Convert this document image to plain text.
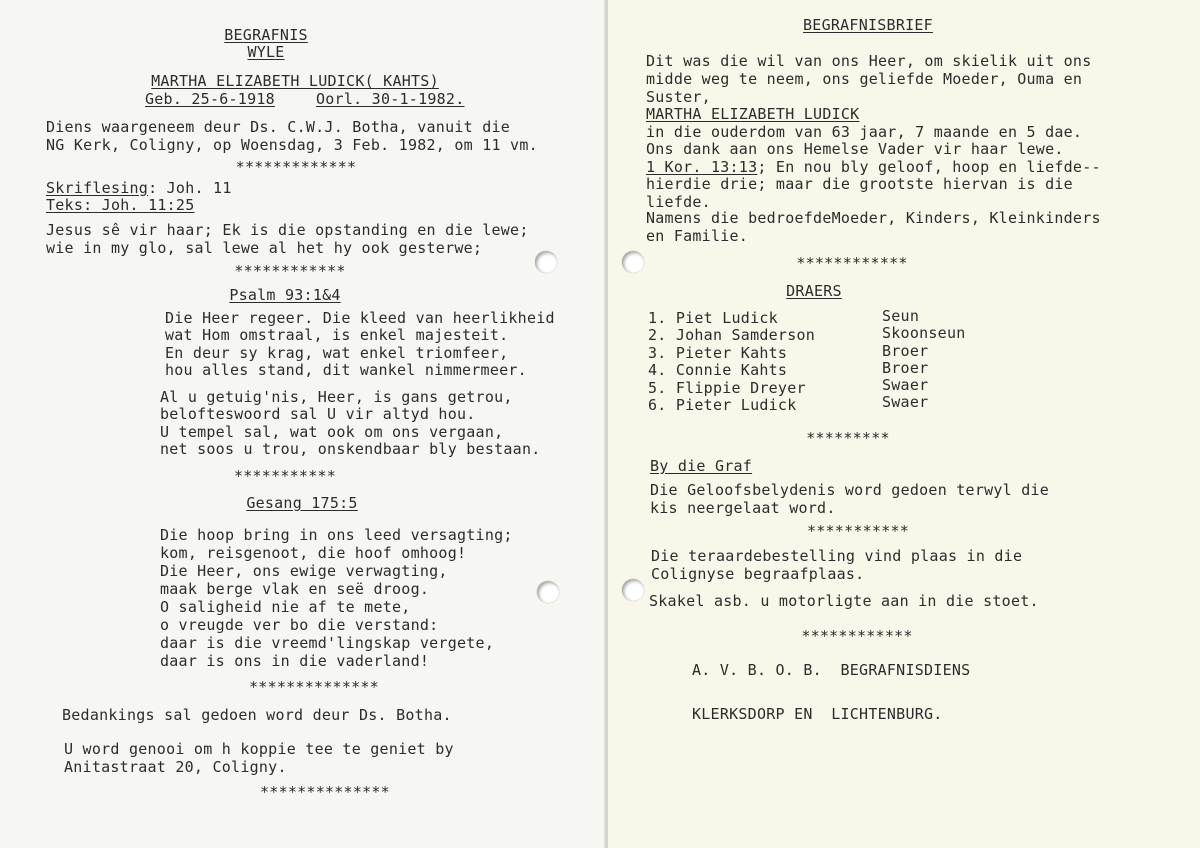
BEGRAFNIS
WYLE
MARTHA ELIZABETH LUDICK( KAHTS)
Geb. 25-6-1918	Oorl. 30-1-1982.
Diens waargeneem deur Ds. C.W.J. Botha, vanuit die
NG Kerk, Coligny, op Woensdag, 3 Feb. 1982, om 11 vm.
*************
Skriflesing: Joh. 11
Teks: Joh. 11:25
Jesus sê vir haar; Ek is die opstanding en die lewe;
wie in my glo, sal lewe al het hy ook gesterwe;
************
Psalm 93:1&4
Die Heer regeer. Die kleed van heerlikheid
wat Hom omstraal, is enkel majesteit.
En deur sy krag, wat enkel triomfeer,
hou alles stand, dit wankel nimmermeer.
Al u getuig'nis, Heer, is gans getrou,
belofteswoord sal U vir altyd hou.
U tempel sal, wat ook om ons vergaan,
net soos u trou, onskendbaar bly bestaan.
***********
Gesang 175:5
Die hoop bring in ons leed versagting;
kom, reisgenoot, die hoof omhoog!
Die Heer, ons ewige verwagting,
maak berge vlak en seë droog.
O saligheid nie af te mete,
o vreugde ver bo die verstand:
daar is die vreemd'lingskap vergete,
daar is ons in die vaderland!
**************
Bedankings sal gedoen word deur Ds. Botha.
U word genooi om h koppie tee te geniet by
Anitastraat 20, Coligny.
**************
BEGRAFNISBRIEF
Dit was die wil van ons Heer, om skielik uit ons
midde weg te neem, ons geliefde Moeder, Ouma en
Suster,
MARTHA ELIZABETH LUDICK
in die ouderdom van 63 jaar, 7 maande en 5 dae.
Ons dank aan ons Hemelse Vader vir haar lewe.
1 Kor. 13:13; En nou bly geloof, hoop en liefde--
hierdie drie; maar die grootste hiervan is die
liefde.
Namens die bedroefdeMoeder, Kinders, Kleinkinders
en Familie.
************
DRAERS
1. Piet Ludick	Seun
2. Johan Samderson	Skoonseun
3. Pieter Kahts	Broer
4. Connie Kahts	Broer
5. Flippie Dreyer	Swaer
6. Pieter Ludick	Swaer
*********
By die Graf
Die Geloofsbelydenis word gedoen terwyl die
kis neergelaat word.
***********
Die teraardebestelling vind plaas in die
Colignyse begraafplaas.
Skakel asb. u motorligte aan in die stoet.
************
A. V. B. O. B.  BEGRAFNISDIENS
KLERKSDORP EN  LICHTENBURG.
